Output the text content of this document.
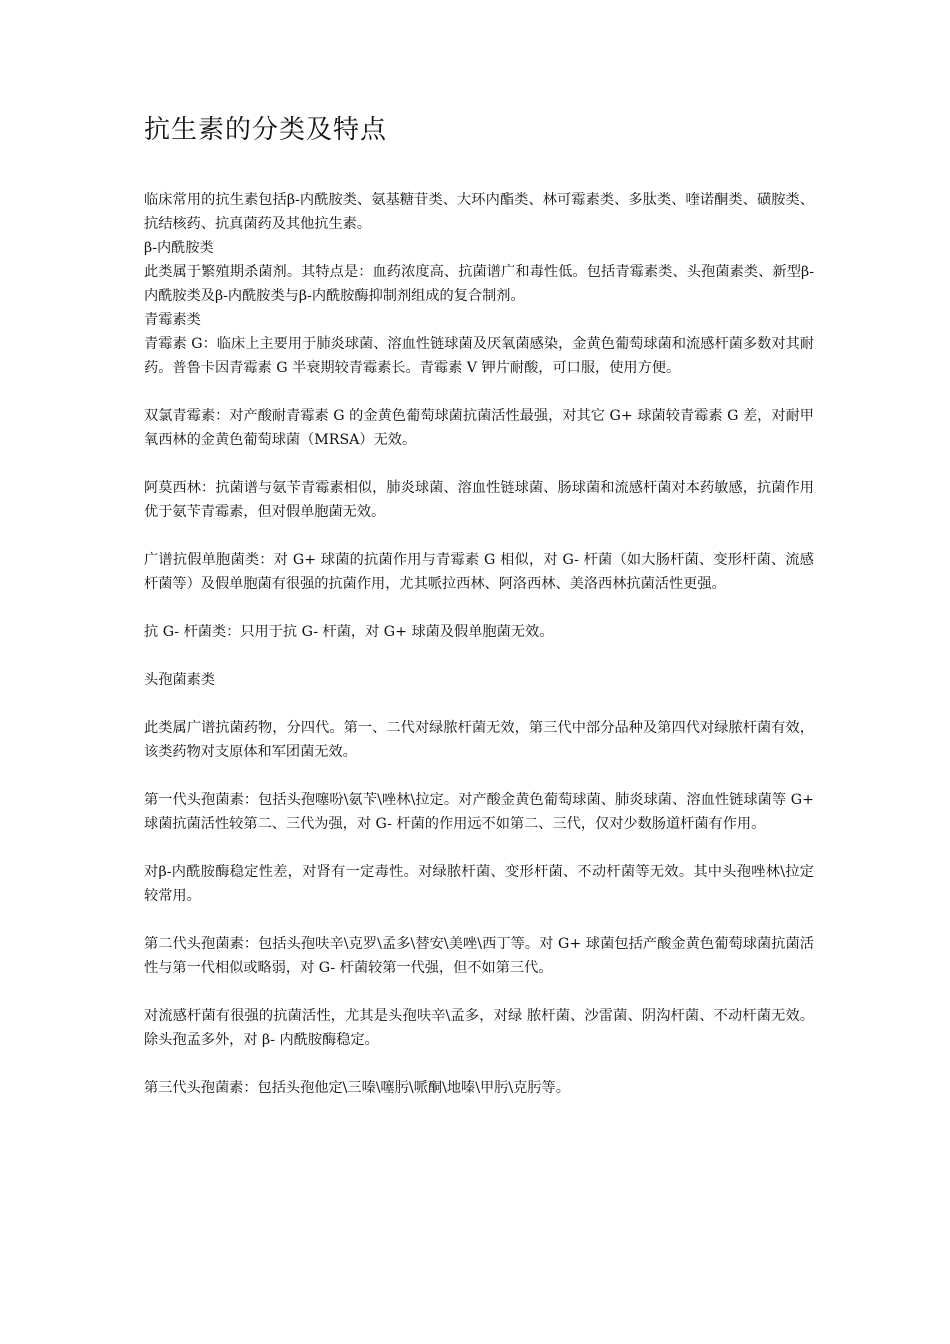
抗生素的分类及特点

临床常用的抗生素包括β-内酰胺类、氨基糖苷类、大环内酯类、林可霉素类、多肽类、喹诺酮类、磺胺类、抗结核药、抗真菌药及其他抗生素。

β-内酰胺类

此类属于繁殖期杀菌剂。其特点是：血药浓度高、抗菌谱广和毒性低。包括青霉素类、头孢菌素类、新型β-内酰胺类及β-内酰胺类与β-内酰胺酶抑制剂组成的复合制剂。

青霉素类

青霉素 G：临床上主要用于肺炎球菌、溶血性链球菌及厌氧菌感染，金黄色葡萄球菌和流感杆菌多数对其耐药。普鲁卡因青霉素 G 半衰期较青霉素长。青霉素 V 钾片耐酸，可口服，使用方便。

双氯青霉素：对产酸耐青霉素 G 的金黄色葡萄球菌抗菌活性最强，对其它 G+ 球菌较青霉素 G 差，对耐甲氧西林的金黄色葡萄球菌（MRSA）无效。

阿莫西林：抗菌谱与氨苄青霉素相似，肺炎球菌、溶血性链球菌、肠球菌和流感杆菌对本药敏感，抗菌作用优于氨苄青霉素，但对假单胞菌无效。

广谱抗假单胞菌类：对 G+ 球菌的抗菌作用与青霉素 G 相似，对 G- 杆菌（如大肠杆菌、变形杆菌、流感杆菌等）及假单胞菌有很强的抗菌作用，尤其哌拉西林、阿洛西林、美洛西林抗菌活性更强。

抗 G- 杆菌类：只用于抗 G- 杆菌，对 G+ 球菌及假单胞菌无效。

头孢菌素类

此类属广谱抗菌药物，分四代。第一、二代对绿脓杆菌无效，第三代中部分品种及第四代对绿脓杆菌有效，该类药物对支原体和军团菌无效。

第一代头孢菌素：包括头孢噻吩\氨苄\唑林\拉定。对产酸金黄色葡萄球菌、肺炎球菌、溶血性链球菌等 G+ 球菌抗菌活性较第二、三代为强，对 G- 杆菌的作用远不如第二、三代，仅对少数肠道杆菌有作用。

对β-内酰胺酶稳定性差，对肾有一定毒性。对绿脓杆菌、变形杆菌、不动杆菌等无效。其中头孢唑林\拉定较常用。

第二代头孢菌素：包括头孢呋辛\克罗\孟多\替安\美唑\西丁等。对 G+ 球菌包括产酸金黄色葡萄球菌抗菌活性与第一代相似或略弱，对 G- 杆菌较第一代强，但不如第三代。

对流感杆菌有很强的抗菌活性，尤其是头孢呋辛\孟多，对绿 脓杆菌、沙雷菌、阴沟杆菌、不动杆菌无效。除头孢孟多外，对 β- 内酰胺酶稳定。

第三代头孢菌素：包括头孢他定\三嗪\噻肟\哌酮\地嗪\甲肟\克肟等。
